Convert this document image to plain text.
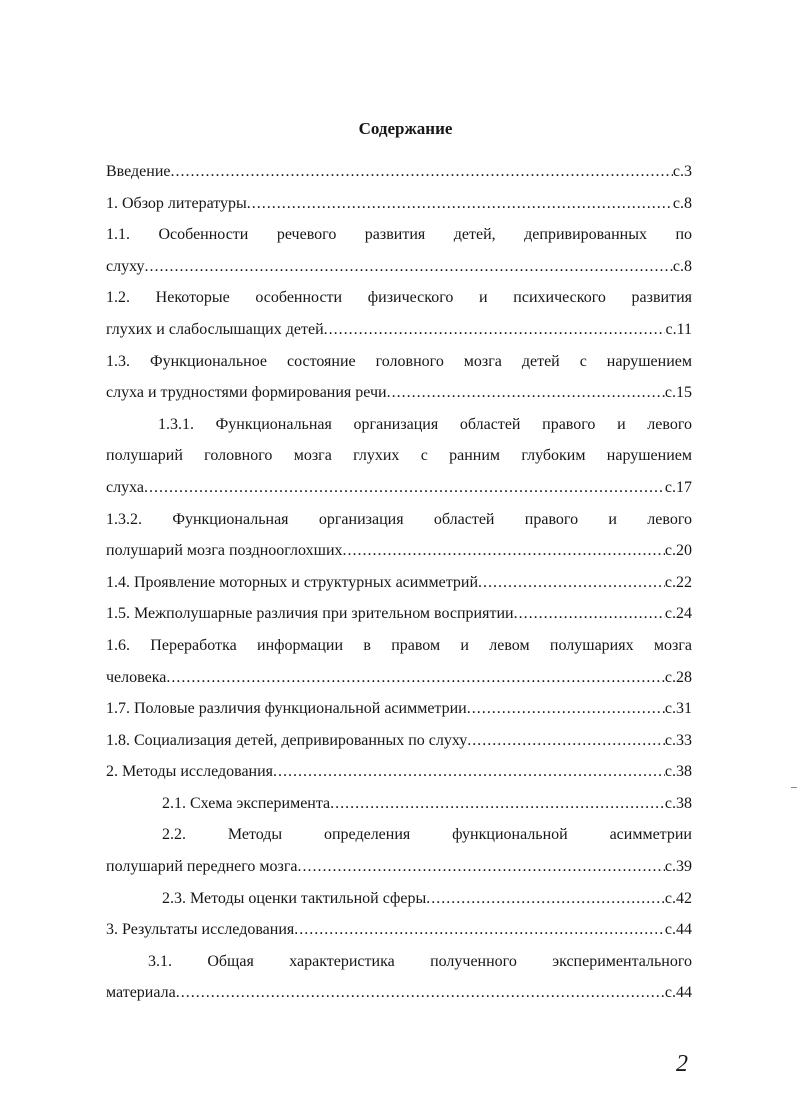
Содержание
Введение .....	с.3
1. Обзор литературы .....	с.8
1.1. Особенности речевого развития детей, депривированных по
слуху .....	с.8
1.2. Некоторые особенности физического и психического развития
глухих и слабослышащих детей .....	с.11
1.3. Функциональное состояние головного мозга детей с нарушением
слуха и трудностями формирования речи .....	с.15
1.3.1. Функциональная организация областей правого и левого
полушарий головного мозга глухих с ранним глубоким нарушением
слуха .....	с.17
1.3.2. Функциональная организация областей правого и левого
полушарий мозга позднооглохших .....	с.20
1.4. Проявление моторных и структурных асимметрий .....	с.22
1.5. Межполушарные различия при зрительном восприятии .....	с.24
1.6. Переработка информации в правом и левом полушариях мозга
человека .....	с.28
1.7. Половые различия функциональной асимметрии .....	с.31
1.8. Социализация детей, депривированных по слуху .....	с.33
2. Методы исследования .....	с.38
2.1. Схема эксперимента .....	с.38
2.2. Методы определения функциональной асимметрии
полушарий переднего мозга .....	с.39
2.3. Методы оценки тактильной сферы .....	с.42
3. Результаты исследования .....	с.44
3.1. Общая характеристика полученного экспериментального
материала .....	с.44
2
